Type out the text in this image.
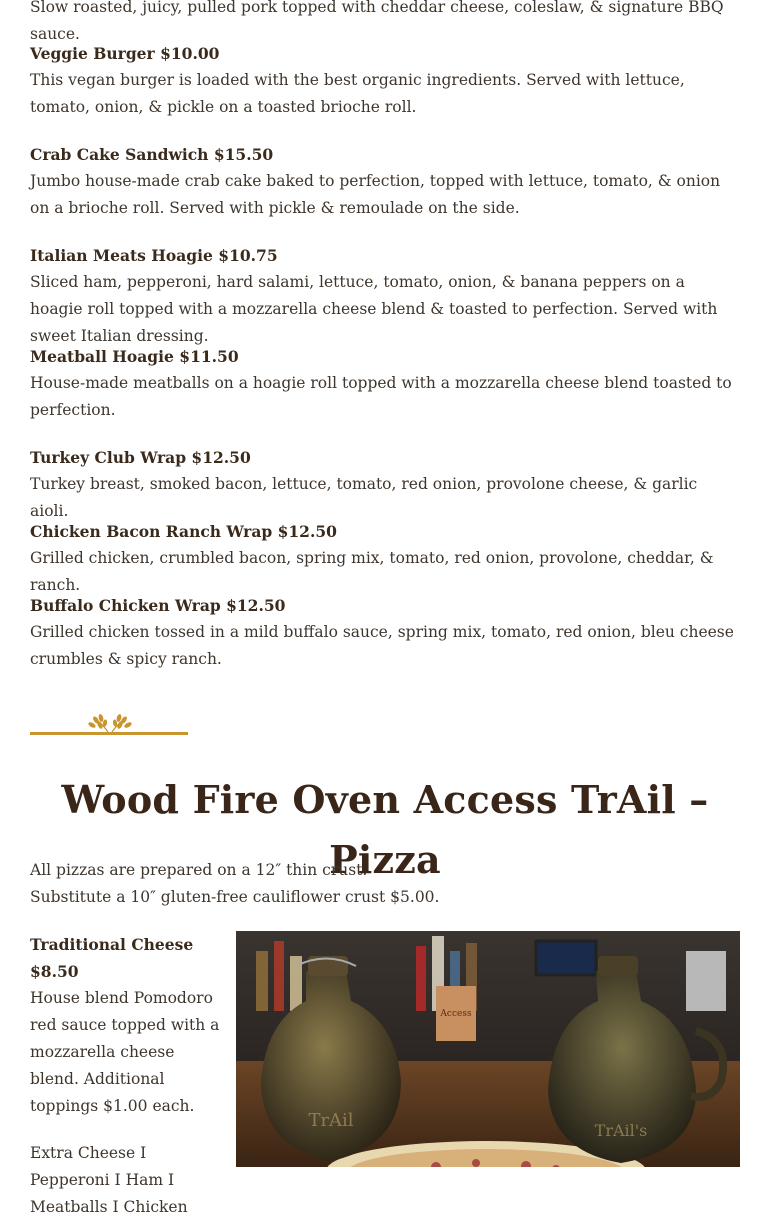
Slow roasted, juicy, pulled pork topped with cheddar cheese, coleslaw, & signature BBQ sauce.
Veggie Burger $10.00
This vegan burger is loaded with the best organic ingredients. Served with lettuce, tomato, onion, & pickle on a toasted brioche roll.
Crab Cake Sandwich $15.50
Jumbo house-made crab cake baked to perfection, topped with lettuce, tomato, & onion on a brioche roll. Served with pickle & remoulade on the side.
Italian Meats Hoagie $10.75
Sliced ham, pepperoni, hard salami, lettuce, tomato, onion, & banana peppers on a hoagie roll topped with a mozzarella cheese blend & toasted to perfection. Served with sweet Italian dressing.
Meatball Hoagie $11.50
House-made meatballs on a hoagie roll topped with a mozzarella cheese blend toasted to perfection.
Turkey Club Wrap $12.50
Turkey breast, smoked bacon, lettuce, tomato, red onion, provolone cheese, & garlic aioli.
Chicken Bacon Ranch Wrap $12.50
Grilled chicken, crumbled bacon, spring mix, tomato, red onion, provolone, cheddar, & ranch.
Buffalo Chicken Wrap $12.50
Grilled chicken tossed in a mild buffalo sauce, spring mix, tomato, red onion, bleu cheese crumbles & spicy ranch.
Wood Fire Oven Access TrAil – Pizza
All pizzas are prepared on a 12″ thin crust.
Substitute a 10″ gluten-free cauliflower crust $5.00.
Traditional Cheese $8.50
House blend Pomodoro red sauce topped with a mozzarella cheese blend. Additional toppings $1.00 each.
Extra Cheese I Pepperoni I Ham I Meatballs I Chicken
Access
TrAil	TrAil's
